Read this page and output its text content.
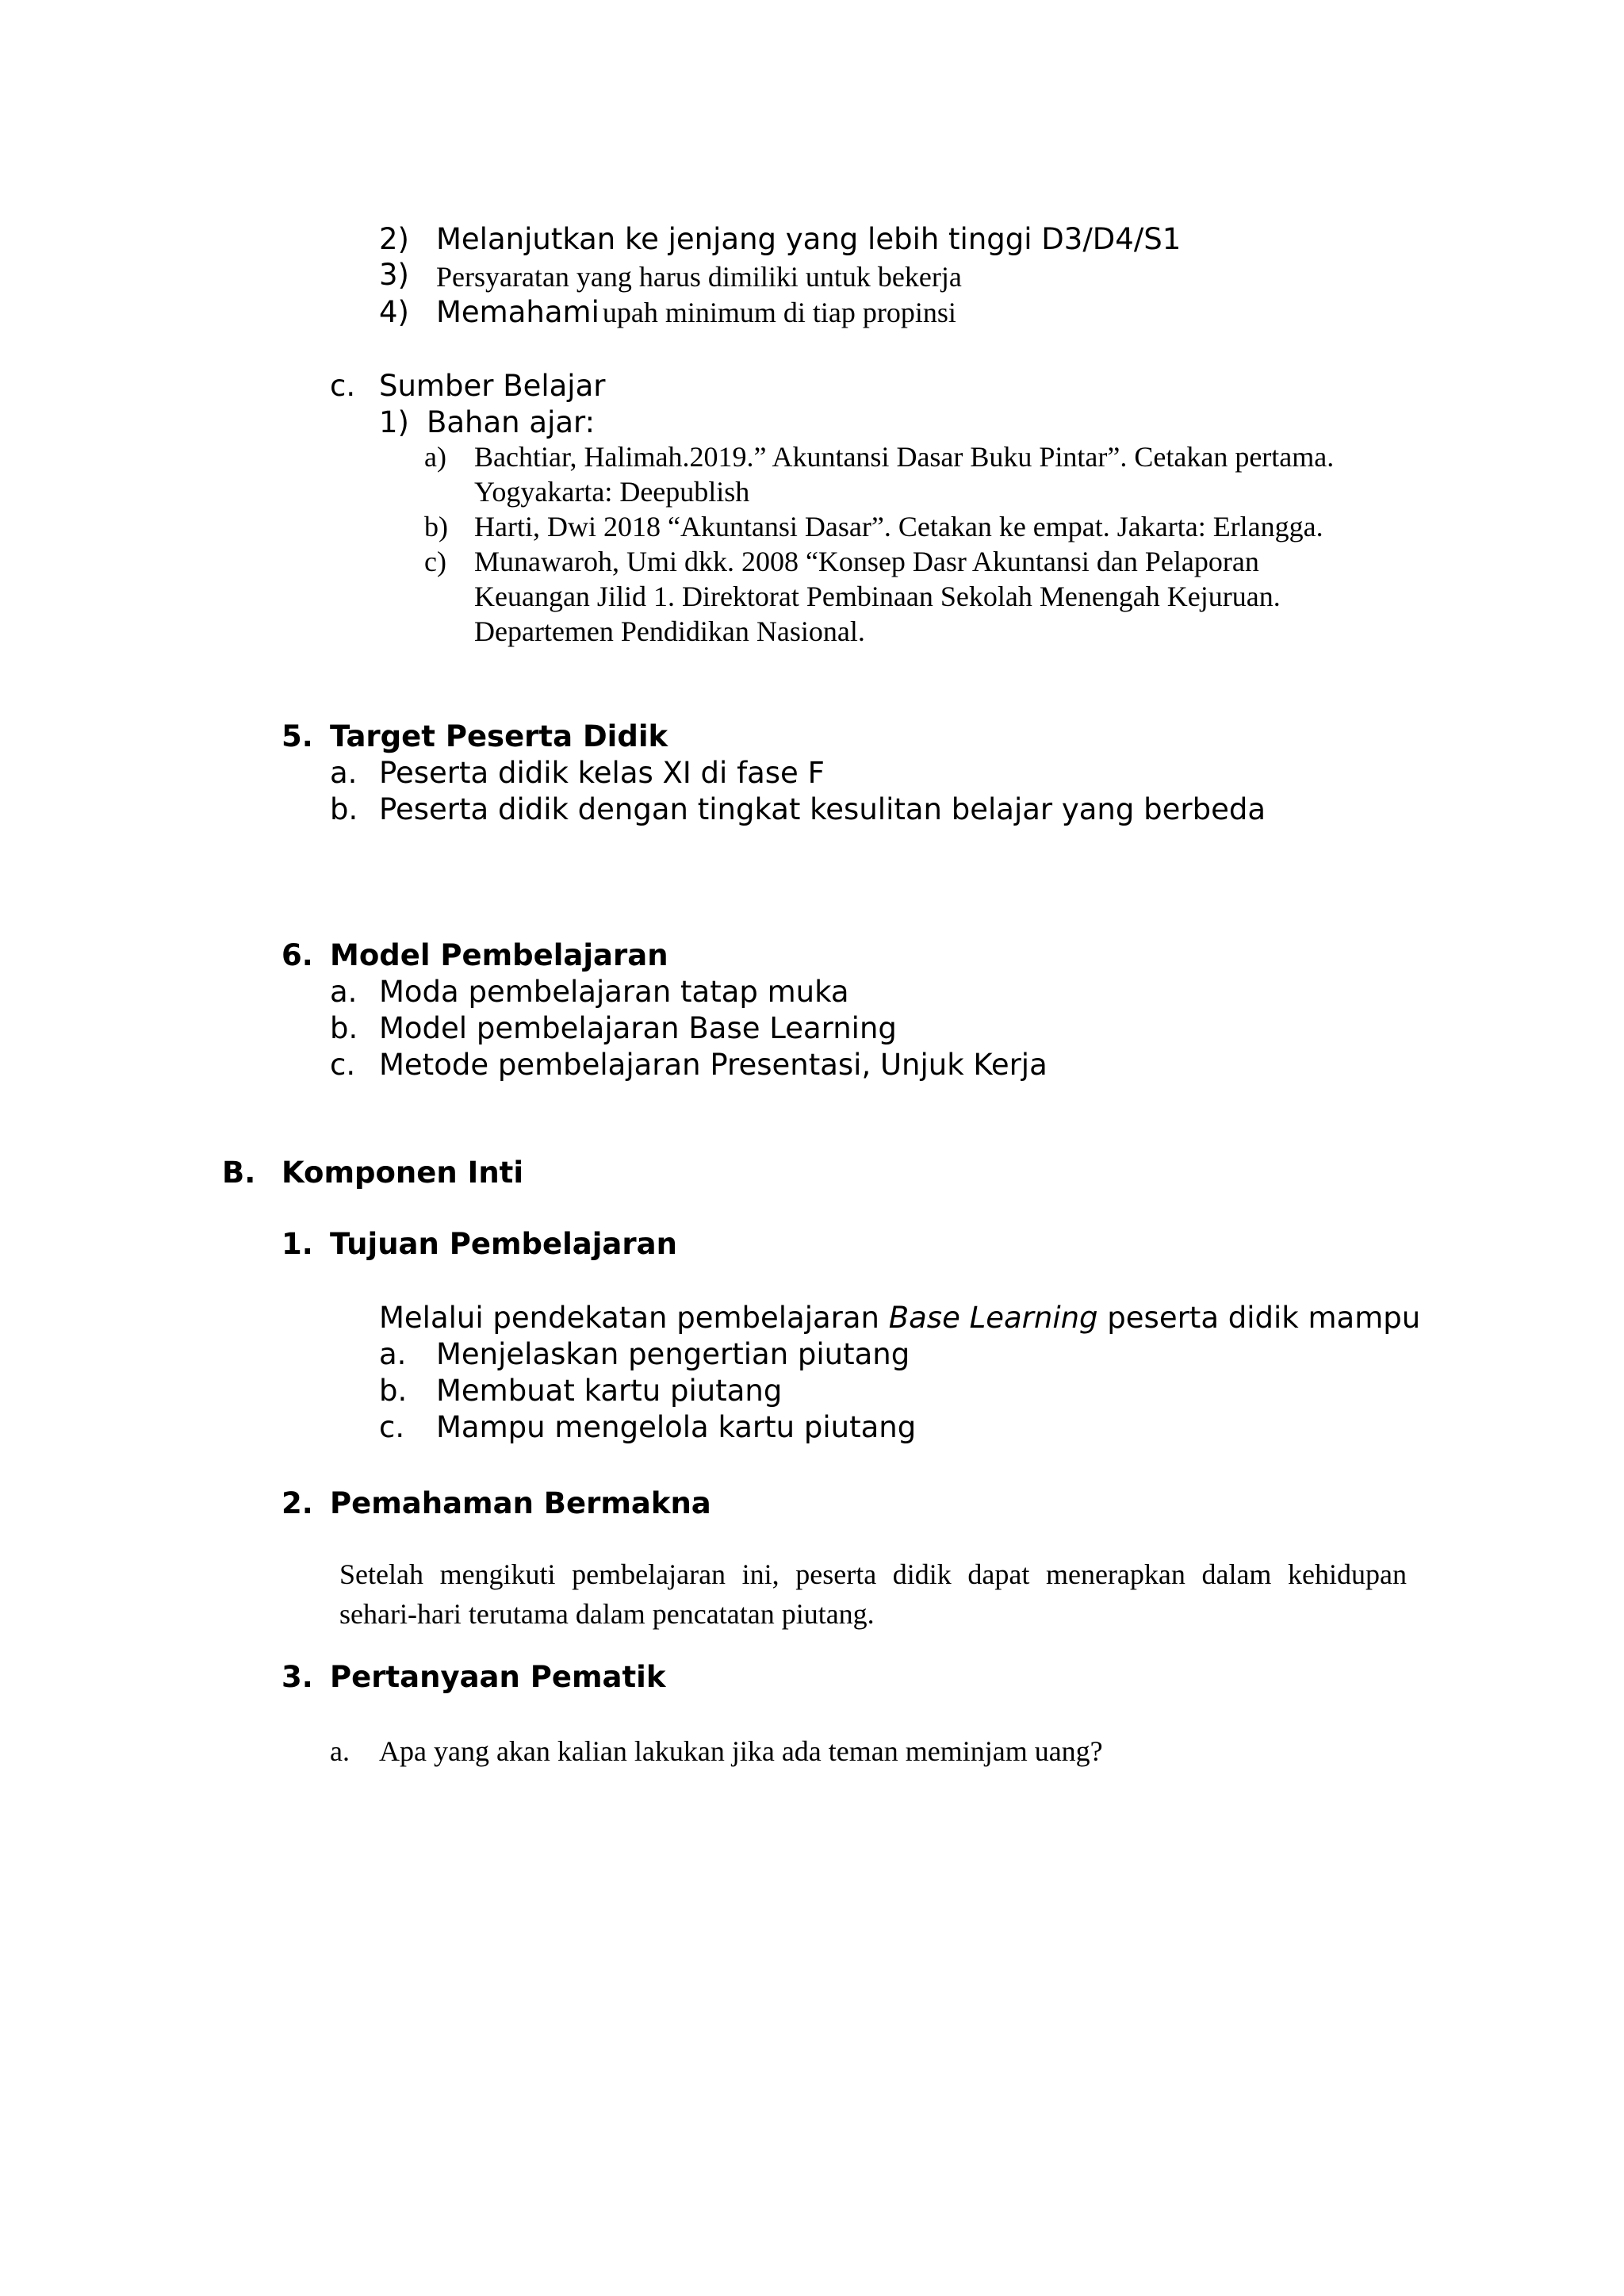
2) Melanjutkan ke jenjang yang lebih tinggi D3/D4/S1
3) Persyaratan yang harus dimiliki untuk bekerja
4) Memahami upah minimum di tiap propinsi
c. Sumber Belajar
1) Bahan ajar:
a) Bachtiar, Halimah.2019.” Akuntansi Dasar Buku Pintar”. Cetakan pertama.
Yogyakarta: Deepublish
b) Harti, Dwi 2018 “Akuntansi Dasar”. Cetakan ke empat. Jakarta: Erlangga.
c) Munawaroh, Umi dkk. 2008 “Konsep Dasr Akuntansi dan Pelaporan
Keuangan Jilid 1. Direktorat Pembinaan Sekolah Menengah Kejuruan.
Departemen Pendidikan Nasional.
5. Target Peserta Didik
a. Peserta didik kelas XI di fase F
b. Peserta didik dengan tingkat kesulitan belajar yang berbeda
6. Model Pembelajaran
a. Moda pembelajaran tatap muka
b. Model pembelajaran Base Learning
c. Metode pembelajaran Presentasi, Unjuk Kerja
B. Komponen Inti
1. Tujuan Pembelajaran
Melalui pendekatan pembelajaran Base Learning peserta didik mampu
a. Menjelaskan pengertian piutang
b. Membuat kartu piutang
c. Mampu mengelola kartu piutang
2. Pemahaman Bermakna
Setelah mengikuti pembelajaran ini, peserta didik dapat menerapkan dalam kehidupan sehari-hari terutama dalam pencatatan piutang.
3. Pertanyaan Pematik
a. Apa yang akan kalian lakukan jika ada teman meminjam uang?
